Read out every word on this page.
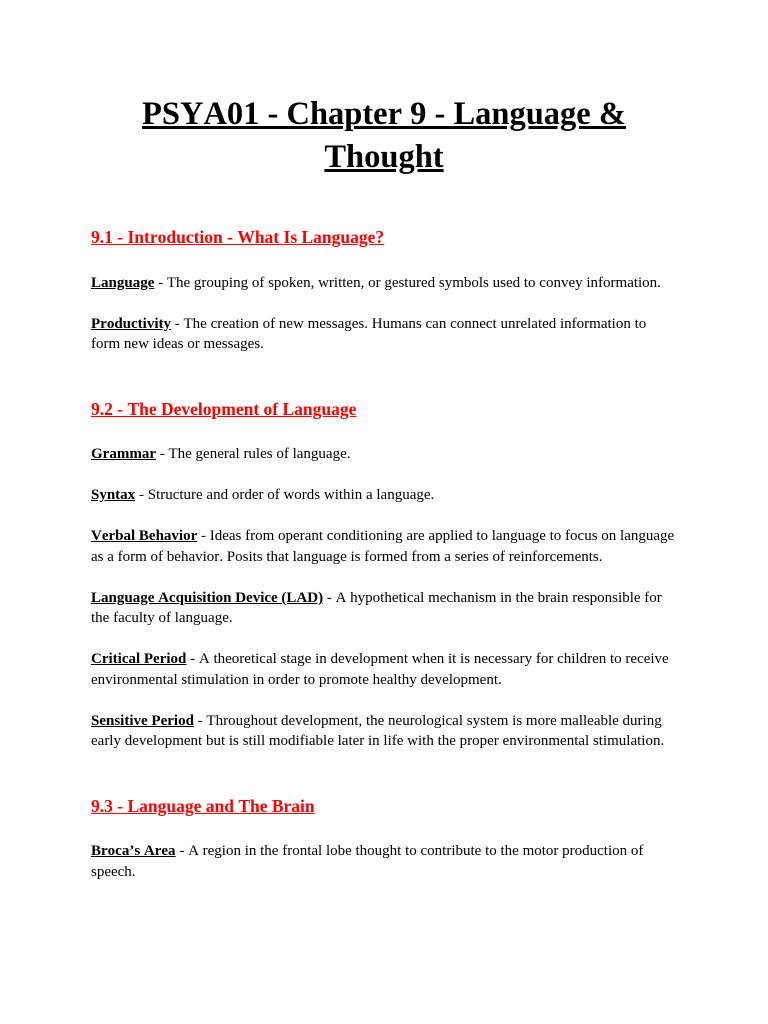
PSYA01 - Chapter 9 - Language & Thought
9.1 - Introduction - What Is Language?

Language - The grouping of spoken, written, or gestured symbols used to convey information.

Productivity - The creation of new messages. Humans can connect unrelated information to form new ideas or messages.

9.2 - The Development of Language

Grammar - The general rules of language.

Syntax - Structure and order of words within a language.

Verbal Behavior - Ideas from operant conditioning are applied to language to focus on language as a form of behavior. Posits that language is formed from a series of reinforcements.

Language Acquisition Device (LAD) - A hypothetical mechanism in the brain responsible for the faculty of language.

Critical Period - A theoretical stage in development when it is necessary for children to receive environmental stimulation in order to promote healthy development.

Sensitive Period - Throughout development, the neurological system is more malleable during early development but is still modifiable later in life with the proper environmental stimulation.

9.3 - Language and The Brain

Broca’s Area - A region in the frontal lobe thought to contribute to the motor production of speech.
